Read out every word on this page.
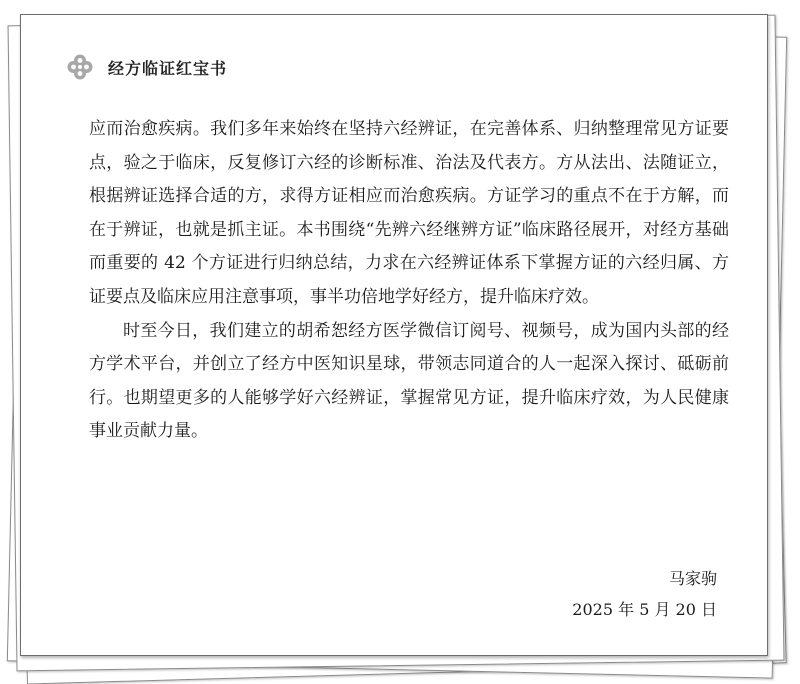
经方临证红宝书

应而治愈疾病。我们多年来始终在坚持六经辨证，在完善体系、归纳整理常见方证要点，验之于临床，反复修订六经的诊断标准、治法及代表方。方从法出、法随证立，根据辨证选择合适的方，求得方证相应而治愈疾病。方证学习的重点不在于方解，而在于辨证，也就是抓主证。本书围绕“先辨六经继辨方证”临床路径展开，对经方基础而重要的 42 个方证进行归纳总结，力求在六经辨证体系下掌握方证的六经归属、方证要点及临床应用注意事项，事半功倍地学好经方，提升临床疗效。

时至今日，我们建立的胡希恕经方医学微信订阅号、视频号，成为国内头部的经方学术平台，并创立了经方中医知识星球，带领志同道合的人一起深入探讨、砥砺前行。也期望更多的人能够学好六经辨证，掌握常见方证，提升临床疗效，为人民健康事业贡献力量。

马家驹
2025 年 5 月 20 日
